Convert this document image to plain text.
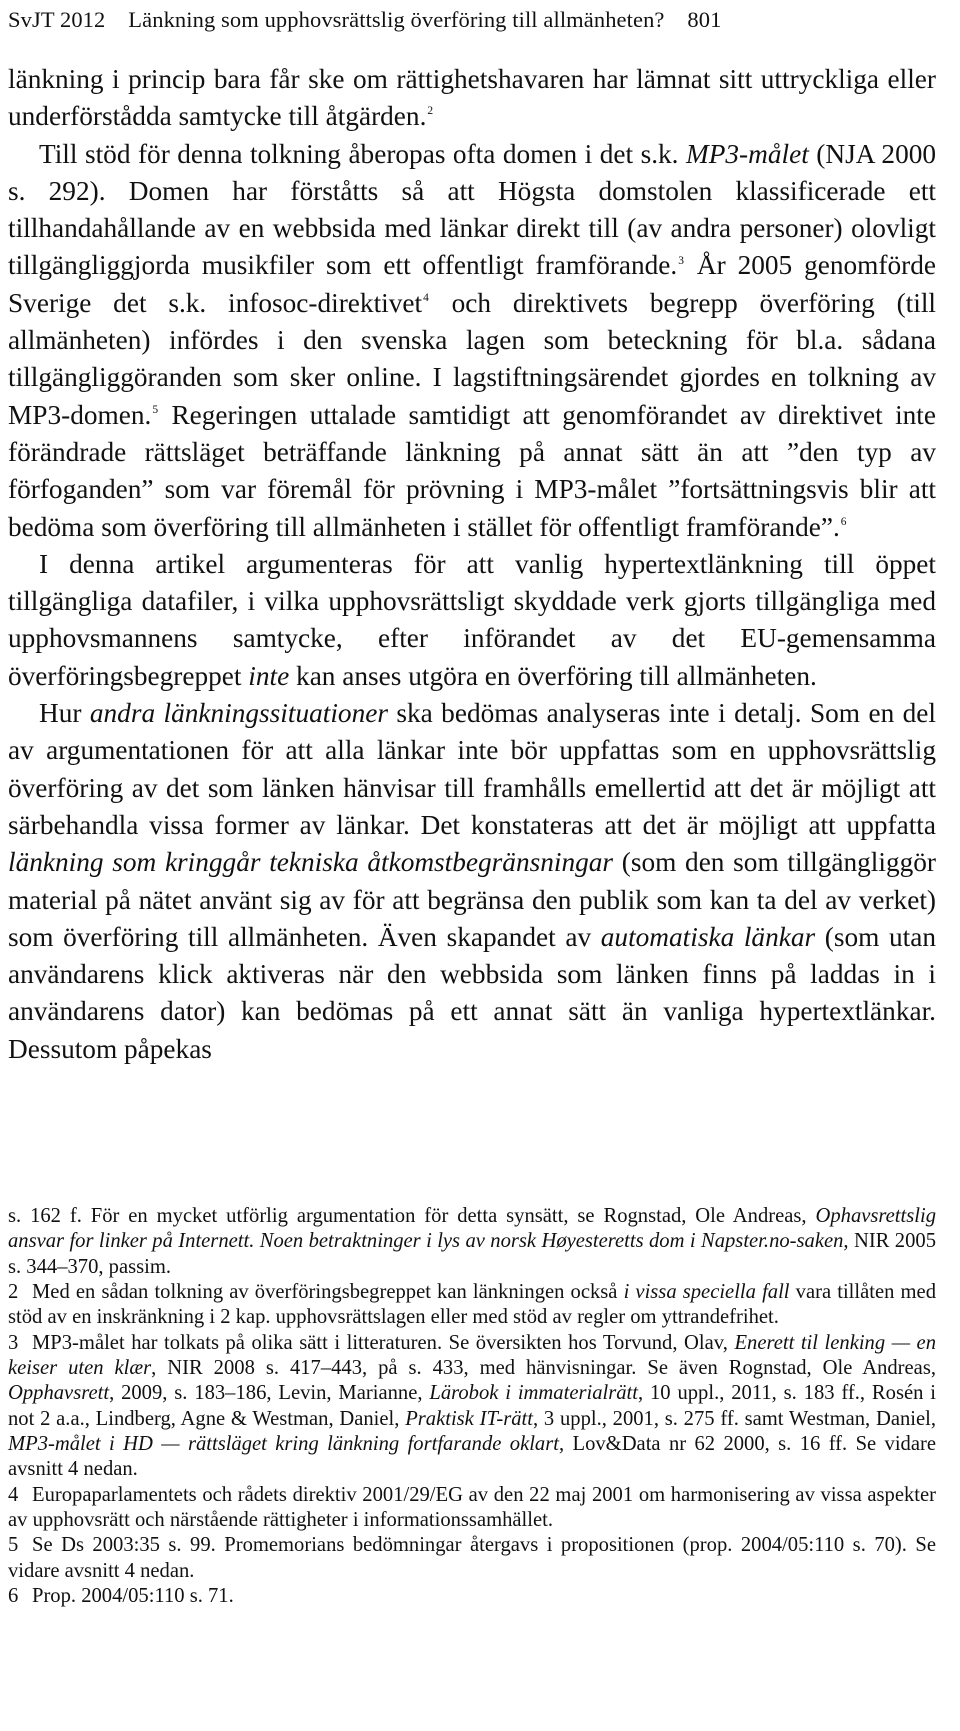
SvJT 2012 Länkning som upphovsrättslig överföring till allmänheten? 801

länkning i princip bara får ske om rättighetshavaren har lämnat sitt uttryckliga eller underförstådda samtycke till åtgärden.$^2$

Till stöd för denna tolkning åberopas ofta domen i det s.k. MP3-målet (NJA 2000 s. 292). Domen har förståtts så att Högsta domstolen klassificerade ett tillhandahållande av en webbsida med länkar direkt till (av andra personer) olovligt tillgängliggjorda musikfiler som ett offentligt framförande.$^3$ År 2005 genomförde Sverige det s.k. infosoc-direktivet$^4$ och direktivets begrepp överföring (till allmänheten) infördes i den svenska lagen som beteckning för bl.a. sådana tillgängliggöranden som sker online. I lagstiftningsärendet gjordes en tolkning av MP3-domen.$^5$ Regeringen uttalade samtidigt att genomförandet av direktivet inte förändrade rättsläget beträffande länkning på annat sätt än att ”den typ av förfoganden” som var föremål för prövning i MP3-målet ”fortsättningsvis blir att bedöma som överföring till allmänheten i stället för offentligt framförande”.$^6$

I denna artikel argumenteras för att vanlig hypertextlänkning till öppet tillgängliga datafiler, i vilka upphovsrättsligt skyddade verk gjorts tillgängliga med upphovsmannens samtycke, efter införandet av det EU-gemensamma överföringsbegreppet inte kan anses utgöra en överföring till allmänheten.

Hur andra länkningssituationer ska bedömas analyseras inte i detalj. Som en del av argumentationen för att alla länkar inte bör uppfattas som en upphovsrättslig överföring av det som länken hänvisar till framhålls emellertid att det är möjligt att särbehandla vissa former av länkar. Det konstateras att det är möjligt att uppfatta länkning som kringgår tekniska åtkomstbegränsningar (som den som tillgängliggör material på nätet använt sig av för att begränsa den publik som kan ta del av verket) som överföring till allmänheten. Även skapandet av automatiska länkar (som utan användarens klick aktiveras när den webbsida som länken finns på laddas in i användarens dator) kan bedömas på ett annat sätt än vanliga hypertextlänkar. Dessutom påpekas

s. 162 f. För en mycket utförlig argumentation för detta synsätt, se Rognstad, Ole Andreas, Ophavsrettslig ansvar for linker på Internett. Noen betraktninger i lys av norsk Høyesteretts dom i Napster.no-saken, NIR 2005 s. 344–370, passim.

2 Med en sådan tolkning av överföringsbegreppet kan länkningen också i vissa speciella fall vara tillåten med stöd av en inskränkning i 2 kap. upphovsrättslagen eller med stöd av regler om yttrandefrihet.

3 MP3-målet har tolkats på olika sätt i litteraturen. Se översikten hos Torvund, Olav, Enerett til lenking — en keiser uten klær, NIR 2008 s. 417–443, på s. 433, med hänvisningar. Se även Rognstad, Ole Andreas, Opphavsrett, 2009, s. 183–186, Levin, Marianne, Lärobok i immaterialrätt, 10 uppl., 2011, s. 183 ff., Rosén i not 2 a.a., Lindberg, Agne & Westman, Daniel, Praktisk IT-rätt, 3 uppl., 2001, s. 275 ff. samt Westman, Daniel, MP3-målet i HD — rättsläget kring länkning fortfarande oklart, Lov&Data nr 62 2000, s. 16 ff. Se vidare avsnitt 4 nedan.

4 Europaparlamentets och rådets direktiv 2001/29/EG av den 22 maj 2001 om harmonisering av vissa aspekter av upphovsrätt och närstående rättigheter i informationssamhället.

5 Se Ds 2003:35 s. 99. Promemorians bedömningar återgavs i propositionen (prop. 2004/05:110 s. 70). Se vidare avsnitt 4 nedan.

6 Prop. 2004/05:110 s. 71.
